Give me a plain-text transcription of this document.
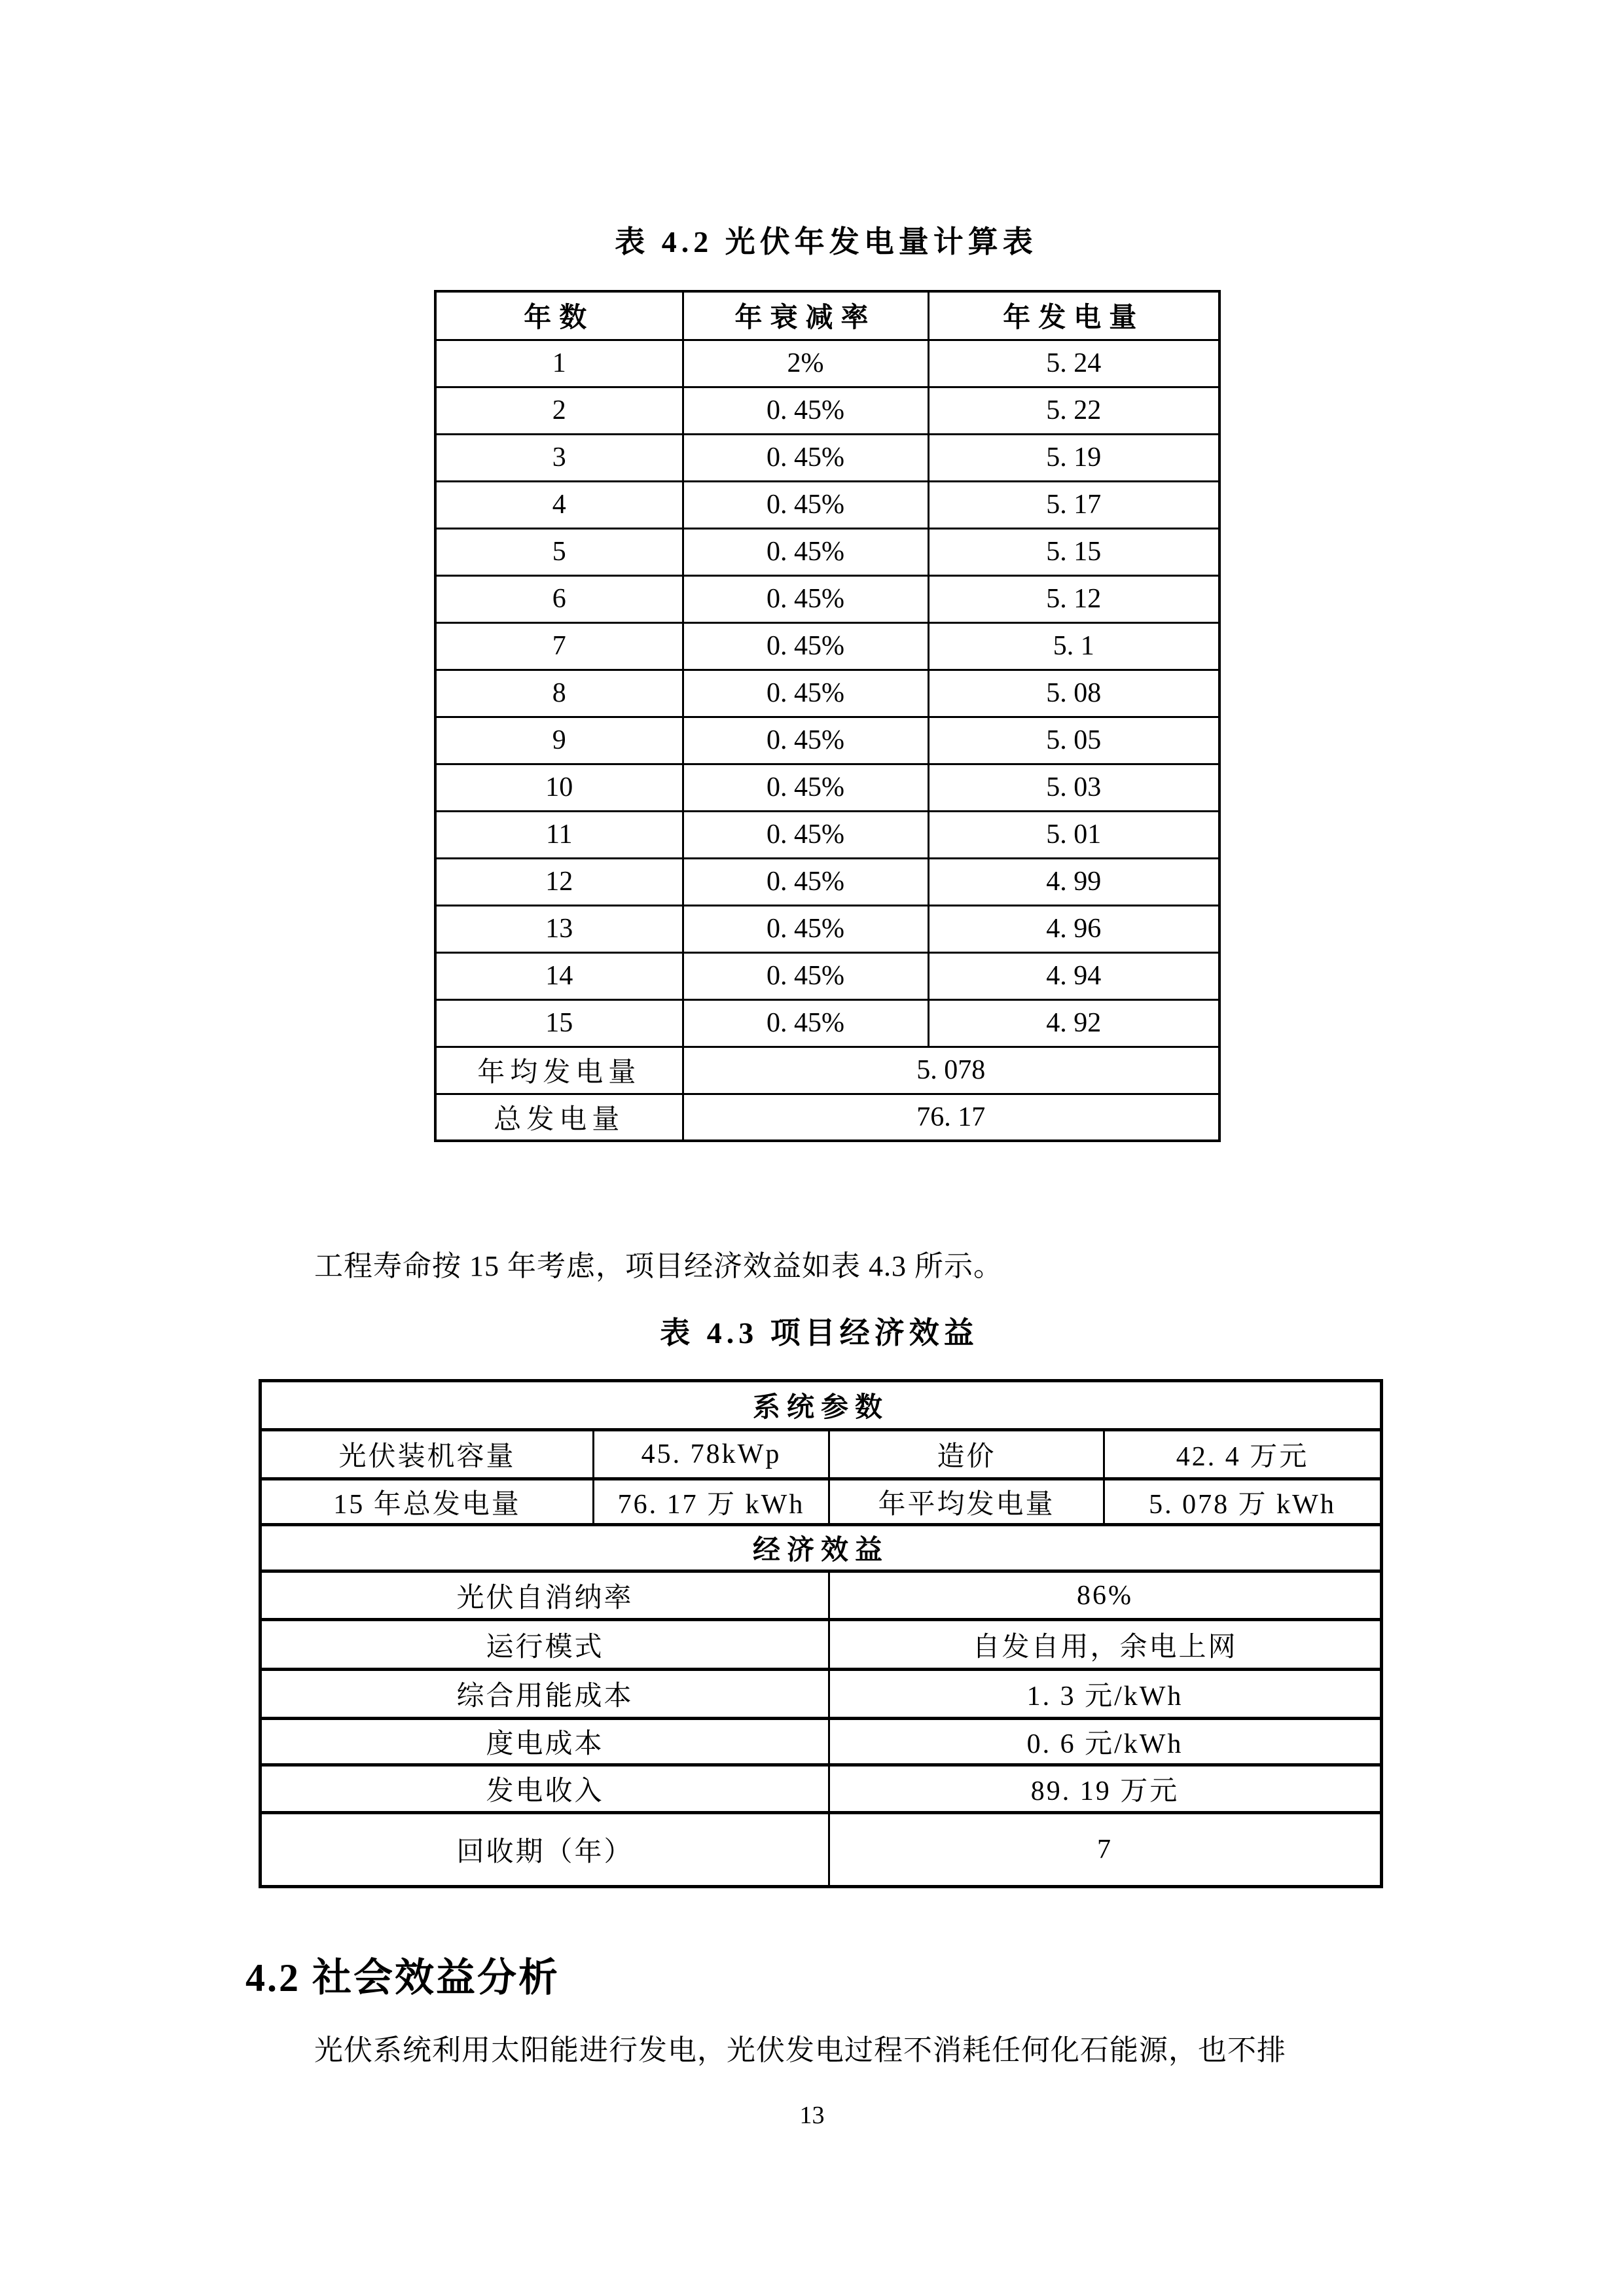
表 4.2 光伏年发电量计算表
年数	年衰减率	年发电量
1	2%	5. 24
2	0. 45%	5. 22
3	0. 45%	5. 19
4	0. 45%	5. 17
5	0. 45%	5. 15
6	0. 45%	5. 12
7	0. 45%	5. 1
8	0. 45%	5. 08
9	0. 45%	5. 05
10	0. 45%	5. 03
11	0. 45%	5. 01
12	0. 45%	4. 99
13	0. 45%	4. 96
14	0. 45%	4. 94
15	0. 45%	4. 92
年均发电量	5. 078	
总发电量	76. 17	
工程寿命按 15 年考虑，项目经济效益如表 4.3 所示。
表 4.3 项目经济效益
系统参数			
光伏装机容量	45. 78kWp	造价	42. 4 万元
15 年总发电量	76. 17 万 kWh	年平均发电量	5. 078 万 kWh
经济效益			
光伏自消纳率		86%	
运行模式		自发自用，余电上网	
综合用能成本		1. 3 元/kWh	
度电成本		0. 6 元/kWh	
发电收入		89. 19 万元	
回收期（年）		7	
4.2 社会效益分析
光伏系统利用太阳能进行发电，光伏发电过程不消耗任何化石能源，也不排
13
